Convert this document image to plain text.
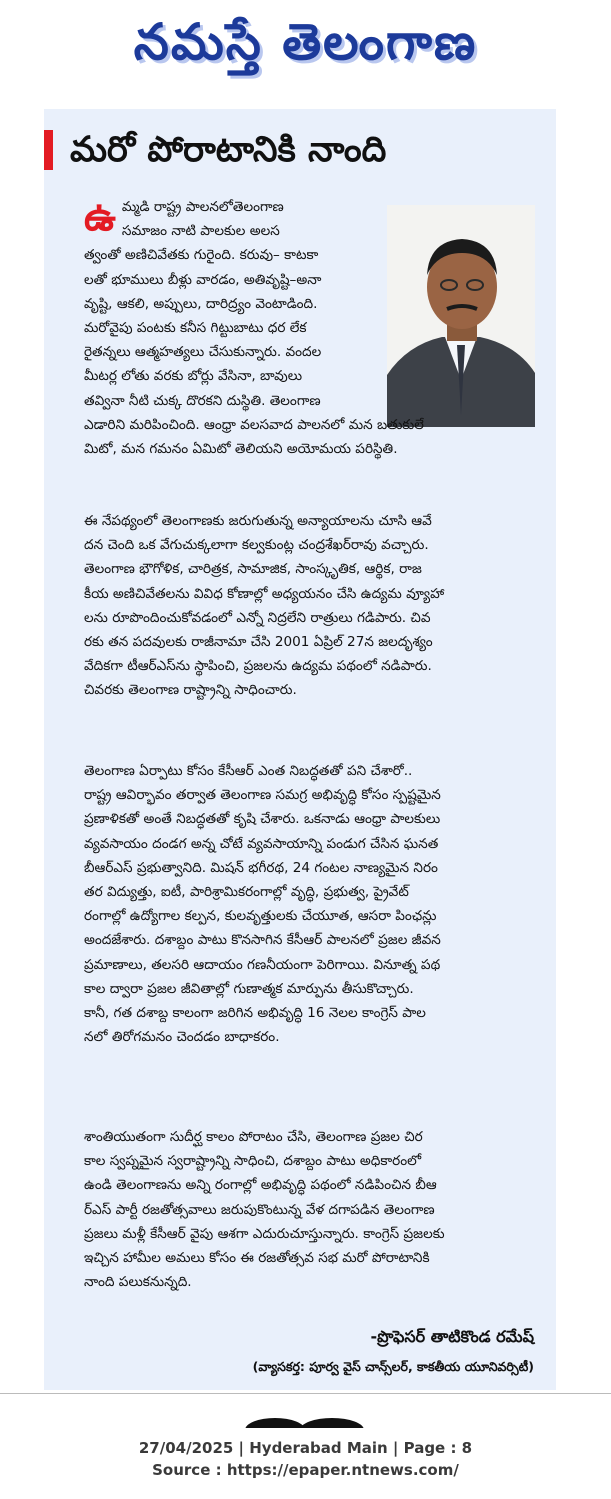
నమస్తే తెలంగాణ
మరో పోరాటానికి నాంది
ఉ మ్మడి రాష్ట్ర పాలనలోతెలంగాణ
సమాజం నాటి పాలకుల అలస
త్వంతో అణిచివేతకు గురైంది. కరువు– కాటకా
లతో భూములు బీళ్లు వారడం, అతివృష్టి–అనా
వృష్టి, ఆకలి, అప్పులు, దారిద్ర్యం వెంటాడింది.
మరోవైపు పంటకు కనీస గిట్టుబాటు ధర లేక
రైతన్నలు ఆత్మహత్యలు చేసుకున్నారు. వందల
మీటర్ల లోతు వరకు బోర్లు వేసినా, బావులు
తవ్వినా నీటి చుక్క దొరకని దుస్థితి. తెలంగాణ
ఎడారిని మరిపించింది. ఆంధ్రా వలసవాద పాలనలో మన బతుకులే
మిటో, మన గమనం ఏమిటో తెలియని అయోమయ పరిస్థితి.
ఈ నేపథ్యంలో తెలంగాణకు జరుగుతున్న అన్యాయాలను చూసి ఆవే
దన చెంది ఒక వేగుచుక్కలాగా కల్వకుంట్ల చంద్రశేఖర్‌రావు వచ్చారు.
తెలంగాణ భౌగోళిక, చారిత్రక, సామాజిక, సాంస్కృతిక, ఆర్థిక, రాజ
కీయ అణిచివేతలను వివిధ కోణాల్లో అధ్యయనం చేసి ఉద్యమ వ్యూహా
లను రూపొందించుకోవడంలో ఎన్నో నిద్రలేని రాత్రులు గడిపారు. చివ
రకు తన పదవులకు రాజీనామా చేసి 2001 ఏప్రిల్ 27న జలదృశ్యం
వేదికగా టీఆర్‌ఎస్‌ను స్థాపించి, ప్రజలను ఉద్యమ పథంలో నడిపారు.
చివరకు తెలంగాణ రాష్ట్రాన్ని సాధించారు.
తెలంగాణ ఏర్పాటు కోసం కేసీఆర్ ఎంత నిబద్ధతతో పని చేశారో..
రాష్ట్ర ఆవిర్భావం తర్వాత తెలంగాణ సమగ్ర అభివృద్ధి కోసం స్పష్టమైన
ప్రణాళికతో అంతే నిబద్ధతతో కృషి చేశారు. ఒకనాడు ఆంధ్రా పాలకులు
వ్యవసాయం దండగ అన్న చోటే వ్యవసాయాన్ని పండుగ చేసిన ఘనత
బీఆర్‌ఎస్ ప్రభుత్వానిది. మిషన్ భగీరథ, 24 గంటల నాణ్యమైన నిరం
తర విద్యుత్తు, ఐటీ, పారిశ్రామికరంగాల్లో వృద్ధి, ప్రభుత్వ, ప్రైవేట్
రంగాల్లో ఉద్యోగాల కల్పన, కులవృత్తులకు చేయూత, ఆసరా పింఛన్లు
అందజేశారు. దశాబ్దం పాటు కొనసాగిన కేసీఆర్ పాలనలో ప్రజల జీవన
ప్రమాణాలు, తలసరి ఆదాయం గణనీయంగా పెరిగాయి. వినూత్న పథ
కాల ద్వారా ప్రజల జీవితాల్లో గుణాత్మక మార్పును తీసుకొచ్చారు.
కానీ, గత దశాబ్ద కాలంగా జరిగిన అభివృద్ధి 16 నెలల కాంగ్రెస్ పాల
నలో తిరోగమనం చెందడం బాధాకరం.
శాంతియుతంగా సుదీర్ఘ కాలం పోరాటం చేసి, తెలంగాణ ప్రజల చిర
కాల స్వప్నమైన స్వరాష్ట్రాన్ని సాధించి, దశాబ్దం పాటు అధికారంలో
ఉండి తెలంగాణను అన్ని రంగాల్లో అభివృద్ధి పథంలో నడిపించిన బీఆ
ర్‌ఎస్ పార్టీ రజతోత్సవాలు జరుపుకొంటున్న వేళ దగాపడిన తెలంగాణ
ప్రజలు మళ్లీ కేసీఆర్ వైపు ఆశగా ఎదురుచూస్తున్నారు. కాంగ్రెస్ ప్రజలకు
ఇచ్చిన హామీల అమలు కోసం ఈ రజతోత్సవ సభ మరో పోరాటానికి
నాంది పలుకనున్నది.
-ప్రొఫెసర్ తాటికొండ రమేష్
(వ్యాసకర్త: పూర్వ వైస్ చాన్స్‌లర్, కాకతీయ యూనివర్సిటీ)
27/04/2025 | Hyderabad Main | Page : 8
Source : https://epaper.ntnews.com/
